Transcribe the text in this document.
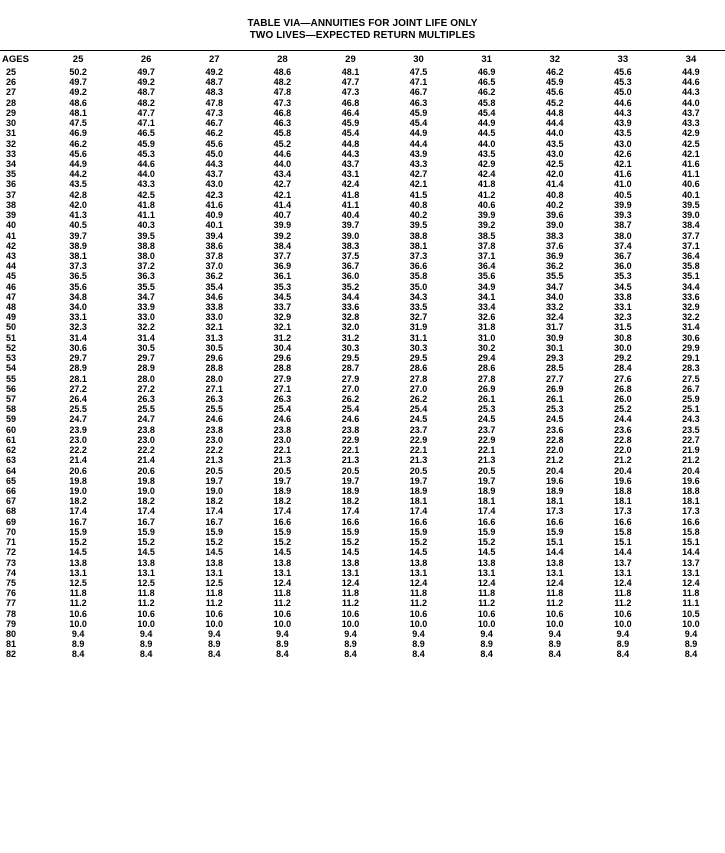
TABLE VIA—ANNUITIES FOR JOINT LIFE ONLY
TWO LIVES—EXPECTED RETURN MULTIPLES
AGES	25	26	27	28	29	30	31	32	33	34
25	50.2	49.7	49.2	48.6	48.1	47.5	46.9	46.2	45.6	44.9
26	49.7	49.2	48.7	48.2	47.7	47.1	46.5	45.9	45.3	44.6
27	49.2	48.7	48.3	47.8	47.3	46.7	46.2	45.6	45.0	44.3
28	48.6	48.2	47.8	47.3	46.8	46.3	45.8	45.2	44.6	44.0
29	48.1	47.7	47.3	46.8	46.4	45.9	45.4	44.8	44.3	43.7
30	47.5	47.1	46.7	46.3	45.9	45.4	44.9	44.4	43.9	43.3
31	46.9	46.5	46.2	45.8	45.4	44.9	44.5	44.0	43.5	42.9
32	46.2	45.9	45.6	45.2	44.8	44.4	44.0	43.5	43.0	42.5
33	45.6	45.3	45.0	44.6	44.3	43.9	43.5	43.0	42.6	42.1
34	44.9	44.6	44.3	44.0	43.7	43.3	42.9	42.5	42.1	41.6
35	44.2	44.0	43.7	43.4	43.1	42.7	42.4	42.0	41.6	41.1
36	43.5	43.3	43.0	42.7	42.4	42.1	41.8	41.4	41.0	40.6
37	42.8	42.5	42.3	42.1	41.8	41.5	41.2	40.8	40.5	40.1
38	42.0	41.8	41.6	41.4	41.1	40.8	40.6	40.2	39.9	39.5
39	41.3	41.1	40.9	40.7	40.4	40.2	39.9	39.6	39.3	39.0
40	40.5	40.3	40.1	39.9	39.7	39.5	39.2	39.0	38.7	38.4
41	39.7	39.5	39.4	39.2	39.0	38.8	38.5	38.3	38.0	37.7
42	38.9	38.8	38.6	38.4	38.3	38.1	37.8	37.6	37.4	37.1
43	38.1	38.0	37.8	37.7	37.5	37.3	37.1	36.9	36.7	36.4
44	37.3	37.2	37.0	36.9	36.7	36.6	36.4	36.2	36.0	35.8
45	36.5	36.3	36.2	36.1	36.0	35.8	35.6	35.5	35.3	35.1
46	35.6	35.5	35.4	35.3	35.2	35.0	34.9	34.7	34.5	34.4
47	34.8	34.7	34.6	34.5	34.4	34.3	34.1	34.0	33.8	33.6
48	34.0	33.9	33.8	33.7	33.6	33.5	33.4	33.2	33.1	32.9
49	33.1	33.0	33.0	32.9	32.8	32.7	32.6	32.4	32.3	32.2
50	32.3	32.2	32.1	32.1	32.0	31.9	31.8	31.7	31.5	31.4
51	31.4	31.4	31.3	31.2	31.2	31.1	31.0	30.9	30.8	30.6
52	30.6	30.5	30.5	30.4	30.3	30.3	30.2	30.1	30.0	29.9
53	29.7	29.7	29.6	29.6	29.5	29.5	29.4	29.3	29.2	29.1
54	28.9	28.9	28.8	28.8	28.7	28.6	28.6	28.5	28.4	28.3
55	28.1	28.0	28.0	27.9	27.9	27.8	27.8	27.7	27.6	27.5
56	27.2	27.2	27.1	27.1	27.0	27.0	26.9	26.9	26.8	26.7
57	26.4	26.3	26.3	26.3	26.2	26.2	26.1	26.1	26.0	25.9
58	25.5	25.5	25.5	25.4	25.4	25.4	25.3	25.3	25.2	25.1
59	24.7	24.7	24.6	24.6	24.6	24.5	24.5	24.5	24.4	24.3
60	23.9	23.8	23.8	23.8	23.8	23.7	23.7	23.6	23.6	23.5
61	23.0	23.0	23.0	23.0	22.9	22.9	22.9	22.8	22.8	22.7
62	22.2	22.2	22.2	22.1	22.1	22.1	22.1	22.0	22.0	21.9
63	21.4	21.4	21.3	21.3	21.3	21.3	21.3	21.2	21.2	21.2
64	20.6	20.6	20.5	20.5	20.5	20.5	20.5	20.4	20.4	20.4
65	19.8	19.8	19.7	19.7	19.7	19.7	19.7	19.6	19.6	19.6
66	19.0	19.0	19.0	18.9	18.9	18.9	18.9	18.9	18.8	18.8
67	18.2	18.2	18.2	18.2	18.2	18.1	18.1	18.1	18.1	18.1
68	17.4	17.4	17.4	17.4	17.4	17.4	17.4	17.3	17.3	17.3
69	16.7	16.7	16.7	16.6	16.6	16.6	16.6	16.6	16.6	16.6
70	15.9	15.9	15.9	15.9	15.9	15.9	15.9	15.9	15.8	15.8
71	15.2	15.2	15.2	15.2	15.2	15.2	15.2	15.1	15.1	15.1
72	14.5	14.5	14.5	14.5	14.5	14.5	14.5	14.4	14.4	14.4
73	13.8	13.8	13.8	13.8	13.8	13.8	13.8	13.8	13.7	13.7
74	13.1	13.1	13.1	13.1	13.1	13.1	13.1	13.1	13.1	13.1
75	12.5	12.5	12.5	12.4	12.4	12.4	12.4	12.4	12.4	12.4
76	11.8	11.8	11.8	11.8	11.8	11.8	11.8	11.8	11.8	11.8
77	11.2	11.2	11.2	11.2	11.2	11.2	11.2	11.2	11.2	11.1
78	10.6	10.6	10.6	10.6	10.6	10.6	10.6	10.6	10.6	10.5
79	10.0	10.0	10.0	10.0	10.0	10.0	10.0	10.0	10.0	10.0
80	9.4	9.4	9.4	9.4	9.4	9.4	9.4	9.4	9.4	9.4
81	8.9	8.9	8.9	8.9	8.9	8.9	8.9	8.9	8.9	8.9
82	8.4	8.4	8.4	8.4	8.4	8.4	8.4	8.4	8.4	8.4
